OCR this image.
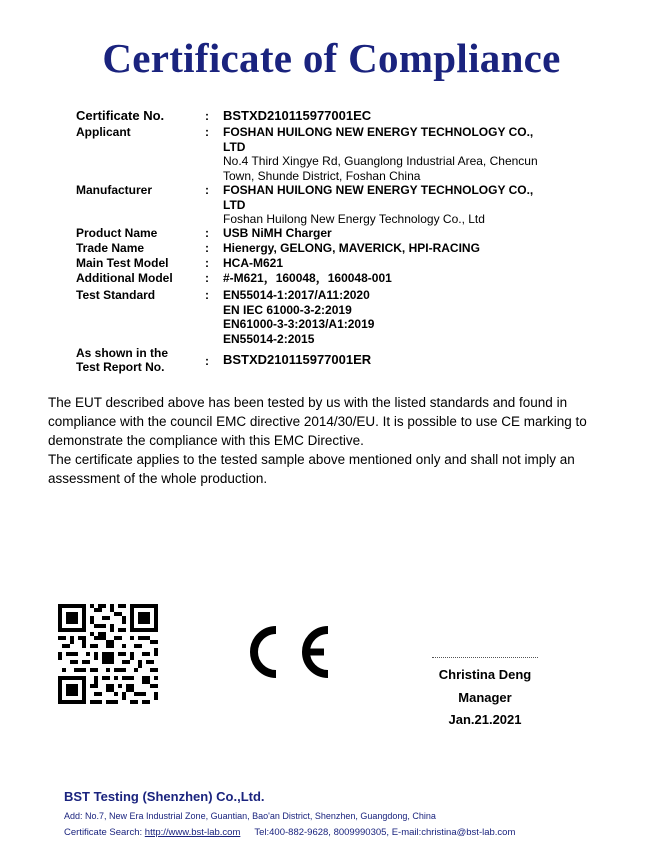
Certificate of Compliance
Certificate No.	: BSTXD210115977001EC
Applicant	: FOSHAN HUILONG NEW ENERGY TECHNOLOGY CO.,
LTD
No.4 Third Xingye Rd, Guanglong Industrial Area, Chencun
Town, Shunde District, Foshan China
Manufacturer	: FOSHAN HUILONG NEW ENERGY TECHNOLOGY CO.,
LTD
Foshan Huilong New Energy Technology Co., Ltd
Product Name	: USB NiMH Charger
Trade Name	: Hienergy, GELONG, MAVERICK, HPI-RACING
Main Test Model	: HCA-M621
Additional Model	: #-M621，160048，160048-001
Test Standard	: EN55014-1:2017/A11:2020
EN IEC 61000-3-2:2019
EN61000-3-3:2013/A1:2019
EN55014-2:2015
As shown in the
Test Report No.	: BSTXD210115977001ER

The EUT described above has been tested by us with the listed standards and found in compliance with the council EMC directive 2014/30/EU. It is possible to use CE marking to demonstrate the compliance with this EMC Directive.

The certificate applies to the tested sample above mentioned only and shall not imply an assessment of the whole production.

Christina Deng
Manager
Jan.21.2021
BST Testing (Shenzhen) Co.,Ltd.
Add: No.7, New Era Industrial Zone, Guantian, Bao'an District, Shenzhen, Guangdong, China
Certificate Search: http://www.bst-lab.com Tel:400-882-9628, 8009990305, E-mail:christina@bst-lab.com
